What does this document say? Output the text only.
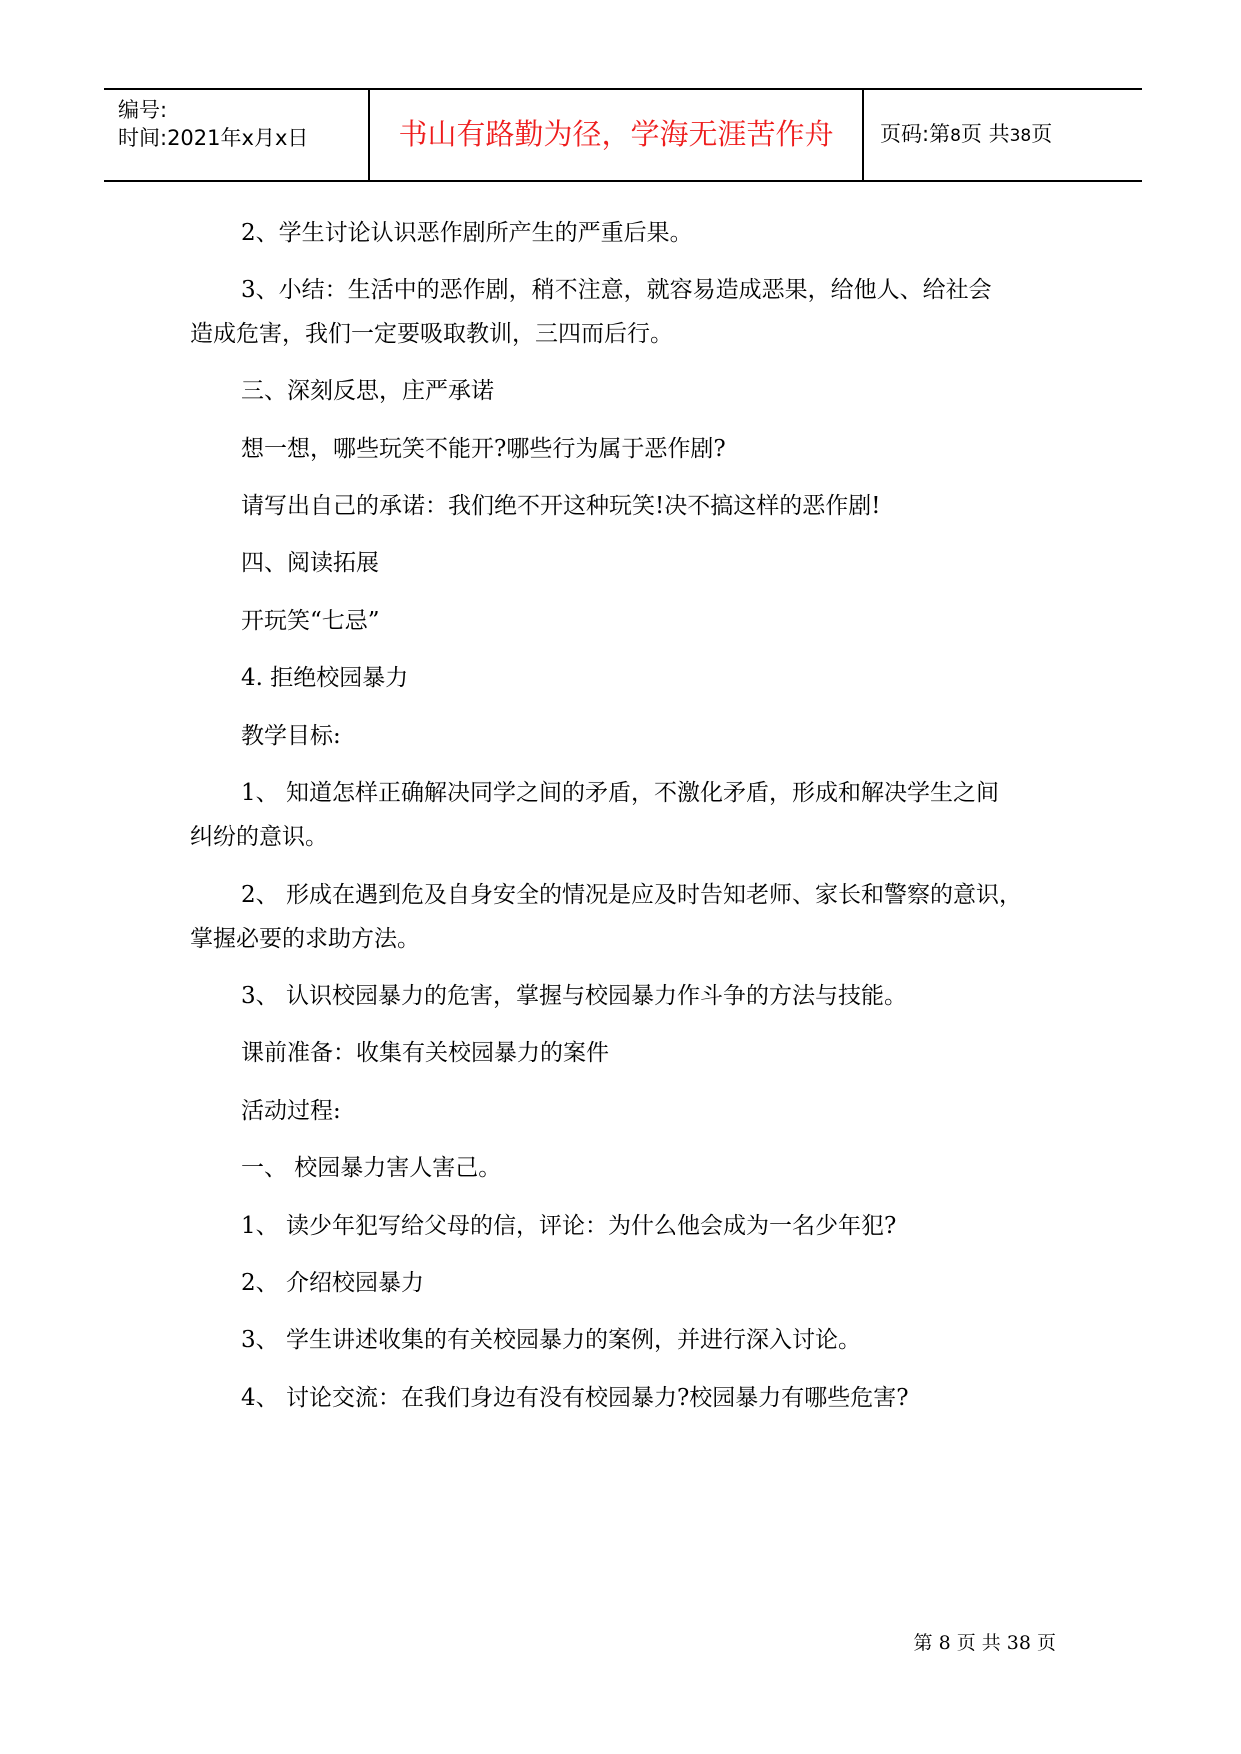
编号:
时间:2021年x月x日	书山有路勤为径，学海无涯苦作舟	页码:第8页 共38页
2、学生讨论认识恶作剧所产生的严重后果。
3、小结：生活中的恶作剧，稍不注意，就容易造成恶果，给他人、给社会
造成危害，我们一定要吸取教训，三四而后行。
三、深刻反思，庄严承诺
想一想，哪些玩笑不能开?哪些行为属于恶作剧?
请写出自己的承诺：我们绝不开这种玩笑!决不搞这样的恶作剧!
四、阅读拓展
开玩笑“七忌”
4. 拒绝校园暴力
教学目标:
1、 知道怎样正确解决同学之间的矛盾，不激化矛盾，形成和解决学生之间
纠纷的意识。
2、 形成在遇到危及自身安全的情况是应及时告知老师、家长和警察的意识，
掌握必要的求助方法。
3、 认识校园暴力的危害，掌握与校园暴力作斗争的方法与技能。
课前准备：收集有关校园暴力的案件
活动过程:
一、 校园暴力害人害己。
1、 读少年犯写给父母的信，评论：为什么他会成为一名少年犯?
2、 介绍校园暴力
3、 学生讲述收集的有关校园暴力的案例，并进行深入讨论。
4、 讨论交流：在我们身边有没有校园暴力?校园暴力有哪些危害?
第 8 页 共 38 页
